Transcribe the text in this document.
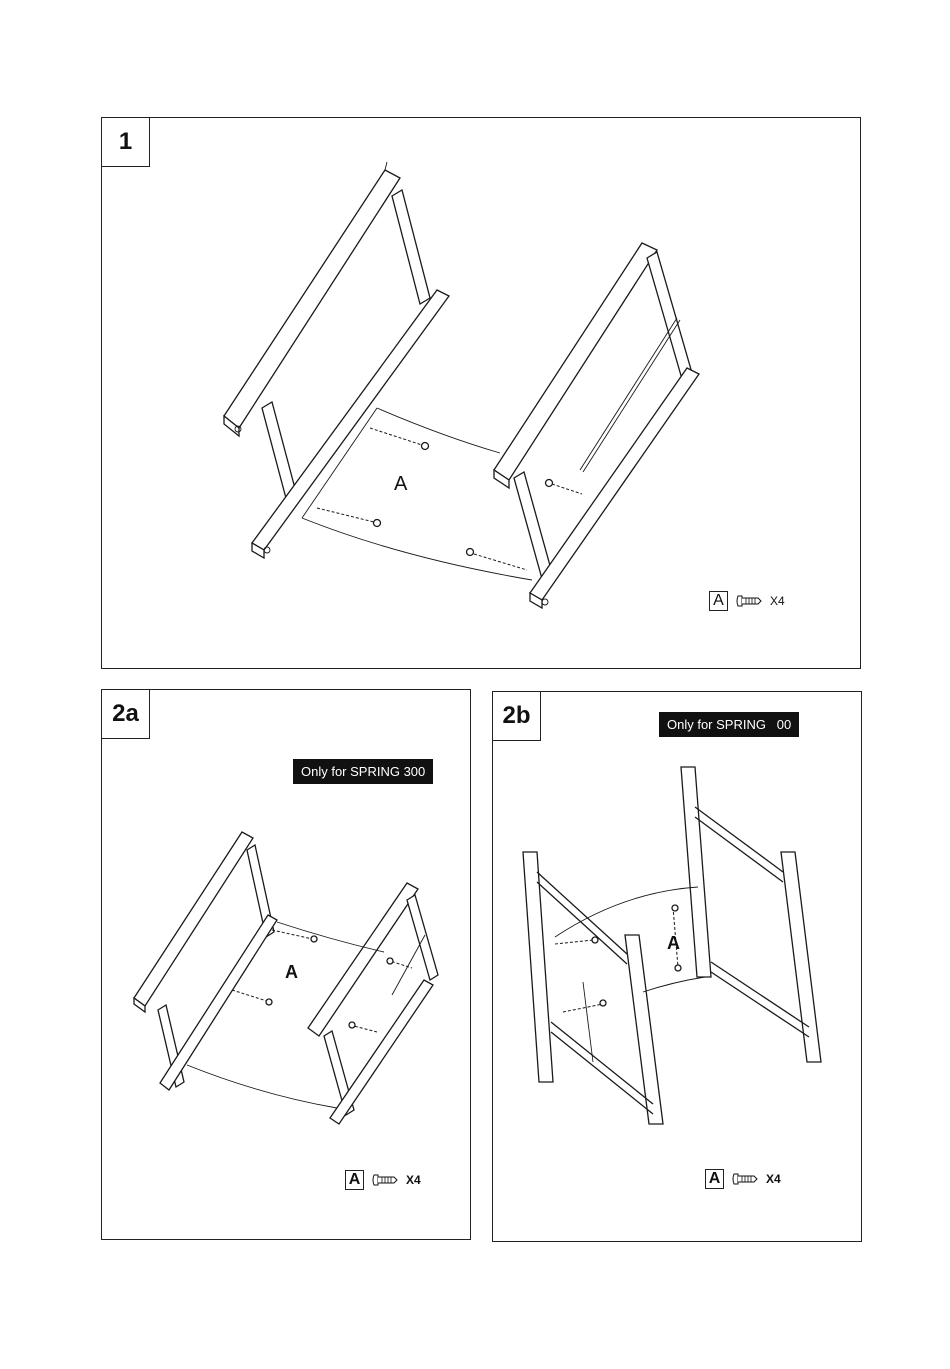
1
A
A	X4
2a
Only for SPRING 300
A
A	X4
2b	Only for SPRING   00
A
A	X4
